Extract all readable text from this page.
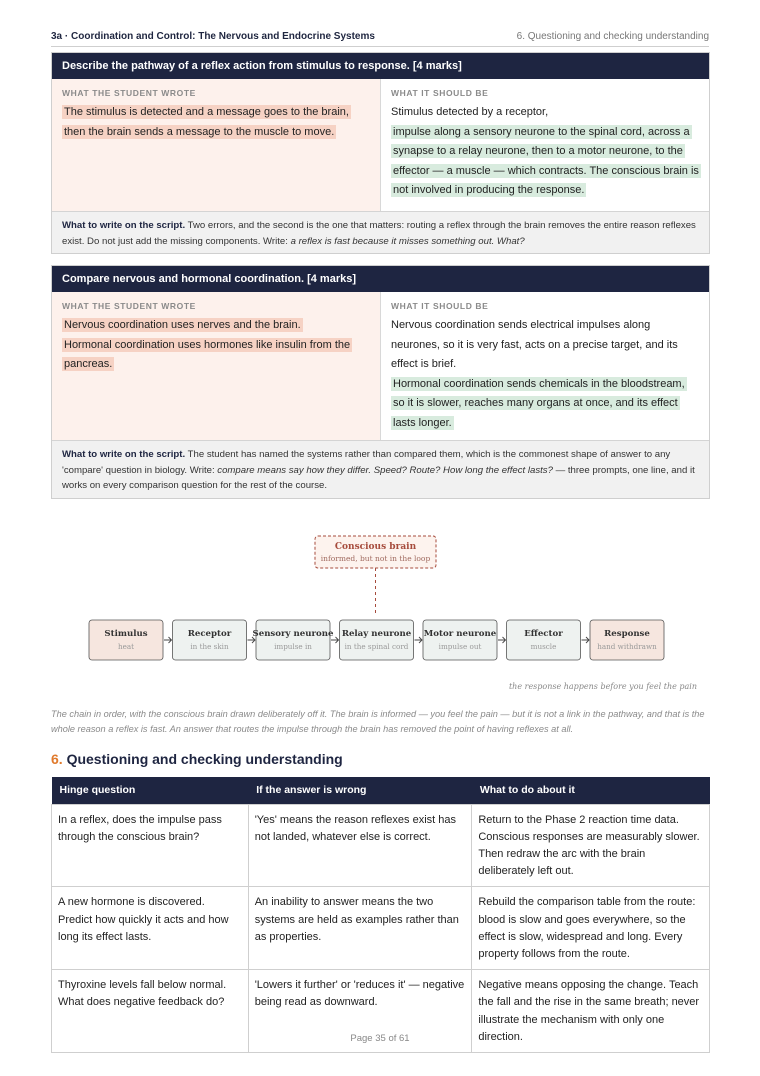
3a · Coordination and Control: The Nervous and Endocrine Systems	6. Questioning and checking understanding
Describe the pathway of a reflex action from stimulus to response. [4 marks]
WHAT THE STUDENT WROTE
The stimulus is detected and a message goes to the brain, then the brain sends a message to the muscle to move.
WHAT IT SHOULD BE
Stimulus detected by a receptor,
impulse along a sensory neurone to the spinal cord, across a synapse to a relay neurone, then to a motor neurone, to the effector — a muscle — which contracts. The conscious brain is not involved in producing the response.
What to write on the script. Two errors, and the second is the one that matters: routing a reflex through the brain removes the entire reason reflexes exist. Do not just add the missing components. Write: a reflex is fast because it misses something out. What?
Compare nervous and hormonal coordination. [4 marks]
WHAT THE STUDENT WROTE
Nervous coordination uses nerves and the brain.
Hormonal coordination uses hormones like insulin from the pancreas.
WHAT IT SHOULD BE
Nervous coordination sends electrical impulses along neurones, so it is very fast, acts on a precise target, and its effect is brief.
Hormonal coordination sends chemicals in the bloodstream, so it is slower, reaches many organs at once, and its effect lasts longer.
What to write on the script. The student has named the systems rather than compared them, which is the commonest shape of answer to any 'compare' question in biology. Write: compare means say how they differ. Speed? Route? How long the effect lasts? — three prompts, one line, and it works on every comparison question for the rest of the course.
Conscious brain
informed, but not in the loop
Stimulus
heat
Receptor
in the skin
Sensory neurone
impulse in
Relay neurone
in the spinal cord
Motor neurone
impulse out
Effector
muscle
Response
hand withdrawn
the response happens before you feel the pain
The chain in order, with the conscious brain drawn deliberately off it. The brain is informed — you feel the pain — but it is not a link in the pathway, and that is the whole reason a reflex is fast. An answer that routes the impulse through the brain has removed the point of having reflexes at all.
6. Questioning and checking understanding
Hinge question	If the answer is wrong	What to do about it
In a reflex, does the impulse pass through the conscious brain?	'Yes' means the reason reflexes exist has not landed, whatever else is correct.	Return to the Phase 2 reaction time data. Conscious responses are measurably slower. Then redraw the arc with the brain deliberately left out.
A new hormone is discovered. Predict how quickly it acts and how long its effect lasts.	An inability to answer means the two systems are held as examples rather than as properties.	Rebuild the comparison table from the route: blood is slow and goes everywhere, so the effect is slow, widespread and long. Every property follows from the route.
Thyroxine levels fall below normal. What does negative feedback do?	'Lowers it further' or 'reduces it' — negative being read as downward.	Negative means opposing the change. Teach the fall and the rise in the same breath; never illustrate the mechanism with only one direction.
Page 35 of 61
